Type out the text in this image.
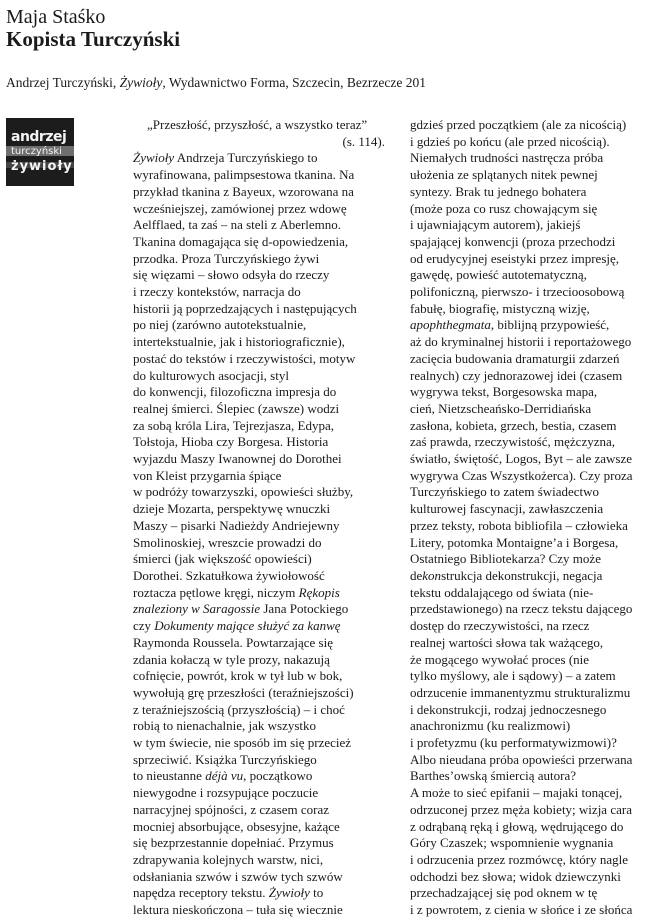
Maja Staśko
Kopista Turczyński
Andrzej Turczyński, Żywioły, Wydawnictwo Forma, Szczecin, Bezrzecze 201
andrzej
turczyński
żywioły
„Przeszłość, przyszłość, a wszystko teraz”
(s. 114).
Żywioły Andrzeja Turczyńskiego to
wyrafinowana, palimpsestowa tkanina. Na
przykład tkanina z Bayeux, wzorowana na
wcześniejszej, zamówionej przez wdowę
Aelfflaed, ta zaś – na steli z Aberlemno.
Tkanina domagająca się d-opowiedzenia,
przodka. Proza Turczyńskiego żywi
się więzami – słowo odsyła do rzeczy
i rzeczy kontekstów, narracja do
historii ją poprzedzających i następujących
po niej (zarówno autotekstualnie,
intertekstualnie, jak i historiograficznie),
postać do tekstów i rzeczywistości, motyw
do kulturowych asocjacji, styl
do konwencji, filozoficzna impresja do
realnej śmierci. Ślepiec (zawsze) wodzi
za sobą króla Lira, Tejrezjasza, Edypa,
Tołstoja, Hioba czy Borgesa. Historia
wyjazdu Maszy Iwanownej do Dorothei
von Kleist przygarnia śpiące
w podróży towarzyszki, opowieści służby,
dzieje Mozarta, perspektywę wnuczki
Maszy – pisarki Nadieżdy Andriejewny
Smolinoskiej, wreszcie prowadzi do
śmierci (jak większość opowieści)
Dorothei. Szkatułkowa żywiołowość
roztacza pętlowe kręgi, niczym Rękopis
znaleziony w Saragossie Jana Potockiego
czy Dokumenty mające służyć za kanwę
Raymonda Roussela. Powtarzające się
zdania kołaczą w tyle prozy, nakazują
cofnięcie, powrót, krok w tył lub w bok,
wywołują grę przeszłości (teraźniejszości)
z teraźniejszością (przyszłością) – i choć
robią to nienachalnie, jak wszystko
w tym świecie, nie sposób im się przecież
sprzeciwić. Książka Turczyńskiego
to nieustanne déjà vu, początkowo
niewygodne i rozsypujące poczucie
narracyjnej spójności, z czasem coraz
mocniej absorbujące, obsesyjne, każące
się bezprzestannie dopełniać. Przymus
zdrapywania kolejnych warstw, nici,
odsłaniania szwów i szwów tych szwów
napędza receptory tekstu. Żywioły to
lektura nieskończona – tuła się wiecznie
gdzieś przed początkiem (ale za nicością)
i gdzieś po końcu (ale przed nicością).
Niemałych trudności nastręcza próba
ułożenia ze splątanych nitek pewnej
syntezy. Brak tu jednego bohatera
(może poza co rusz chowającym się
i ujawniającym autorem), jakiejś
spajającej konwencji (proza przechodzi
od erudycyjnej eseistyki przez impresję,
gawędę, powieść autotematyczną,
polifoniczną, pierwszo- i trzecioosobową
fabułę, biografię, mistyczną wizję,
apophthegmata, biblijną przypowieść,
aż do kryminalnej historii i reportażowego
zacięcia budowania dramaturgii zdarzeń
realnych) czy jednorazowej idei (czasem
wygrywa tekst, Borgesowska mapa,
cień, Nietzscheańsko-Derridiańska
zasłona, kobieta, grzech, bestia, czasem
zaś prawda, rzeczywistość, mężczyzna,
światło, świętość, Logos, Byt – ale zawsze
wygrywa Czas Wszystkożerca). Czy proza
Turczyńskiego to zatem świadectwo
kulturowej fascynacji, zawłaszczenia
przez teksty, robota bibliofila – człowieka
Litery, potomka Montaigne’a i Borgesa,
Ostatniego Bibliotekarza? Czy może
dekonstrukcja dekonstrukcji, negacja
tekstu oddalającego od świata (nie-
przedstawionego) na rzecz tekstu dającego
dostęp do rzeczywistości, na rzecz
realnej wartości słowa tak ważącego,
że mogącego wywołać proces (nie
tylko myślowy, ale i sądowy) – a zatem
odrzucenie immanentyzmu strukturalizmu
i dekonstrukcji, rodzaj jednoczesnego
anachronizmu (ku realizmowi)
i profetyzmu (ku performatywizmowi)?
Albo nieudana próba opowieści przerwana
Barthes’owską śmiercią autora?
A może to sieć epifanii – majaki tonącej,
odrzuconej przez męża kobiety; wizja cara
z odrąbaną ręką i głową, wędrującego do
Góry Czaszek; wspomnienie wygnania
i odrzucenia przez rozmówcę, który nagle
odchodzi bez słowa; widok dziewczynki
przechadzającej się pod oknem w tę
i z powrotem, z cienia w słońce i ze słońca
